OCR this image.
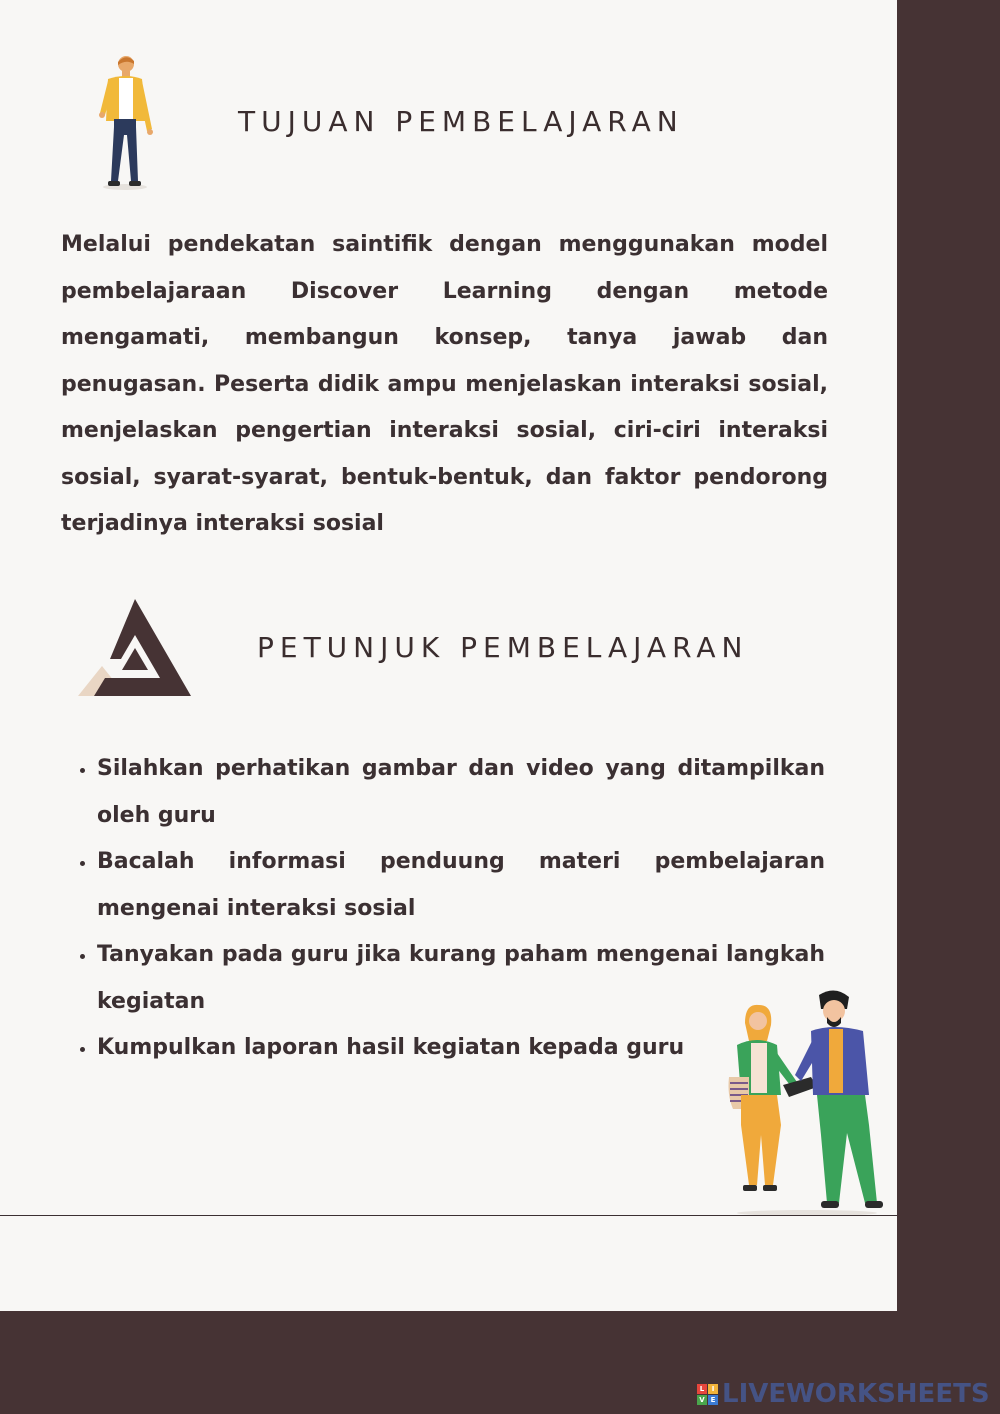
TUJUAN PEMBELAJARAN

Melalui pendekatan saintifik dengan menggunakan model pembelajaraan Discover Learning dengan metode mengamati, membangun konsep, tanya jawab dan penugasan. Peserta didik ampu menjelaskan interaksi sosial, menjelaskan pengertian interaksi sosial, ciri-ciri interaksi sosial, syarat-syarat, bentuk-bentuk, dan faktor pendorong terjadinya interaksi sosial

PETUNJUK PEMBELAJARAN
• Silahkan perhatikan gambar dan video yang ditampilkan oleh guru
• Bacalah informasi penduung materi pembelajaran mengenai interaksi sosial
• Tanyakan pada guru jika kurang paham mengenai langkah kegiatan
• Kumpulkan laporan hasil kegiatan kepada guru
L	I
V E LIVEWORKSHEETS
